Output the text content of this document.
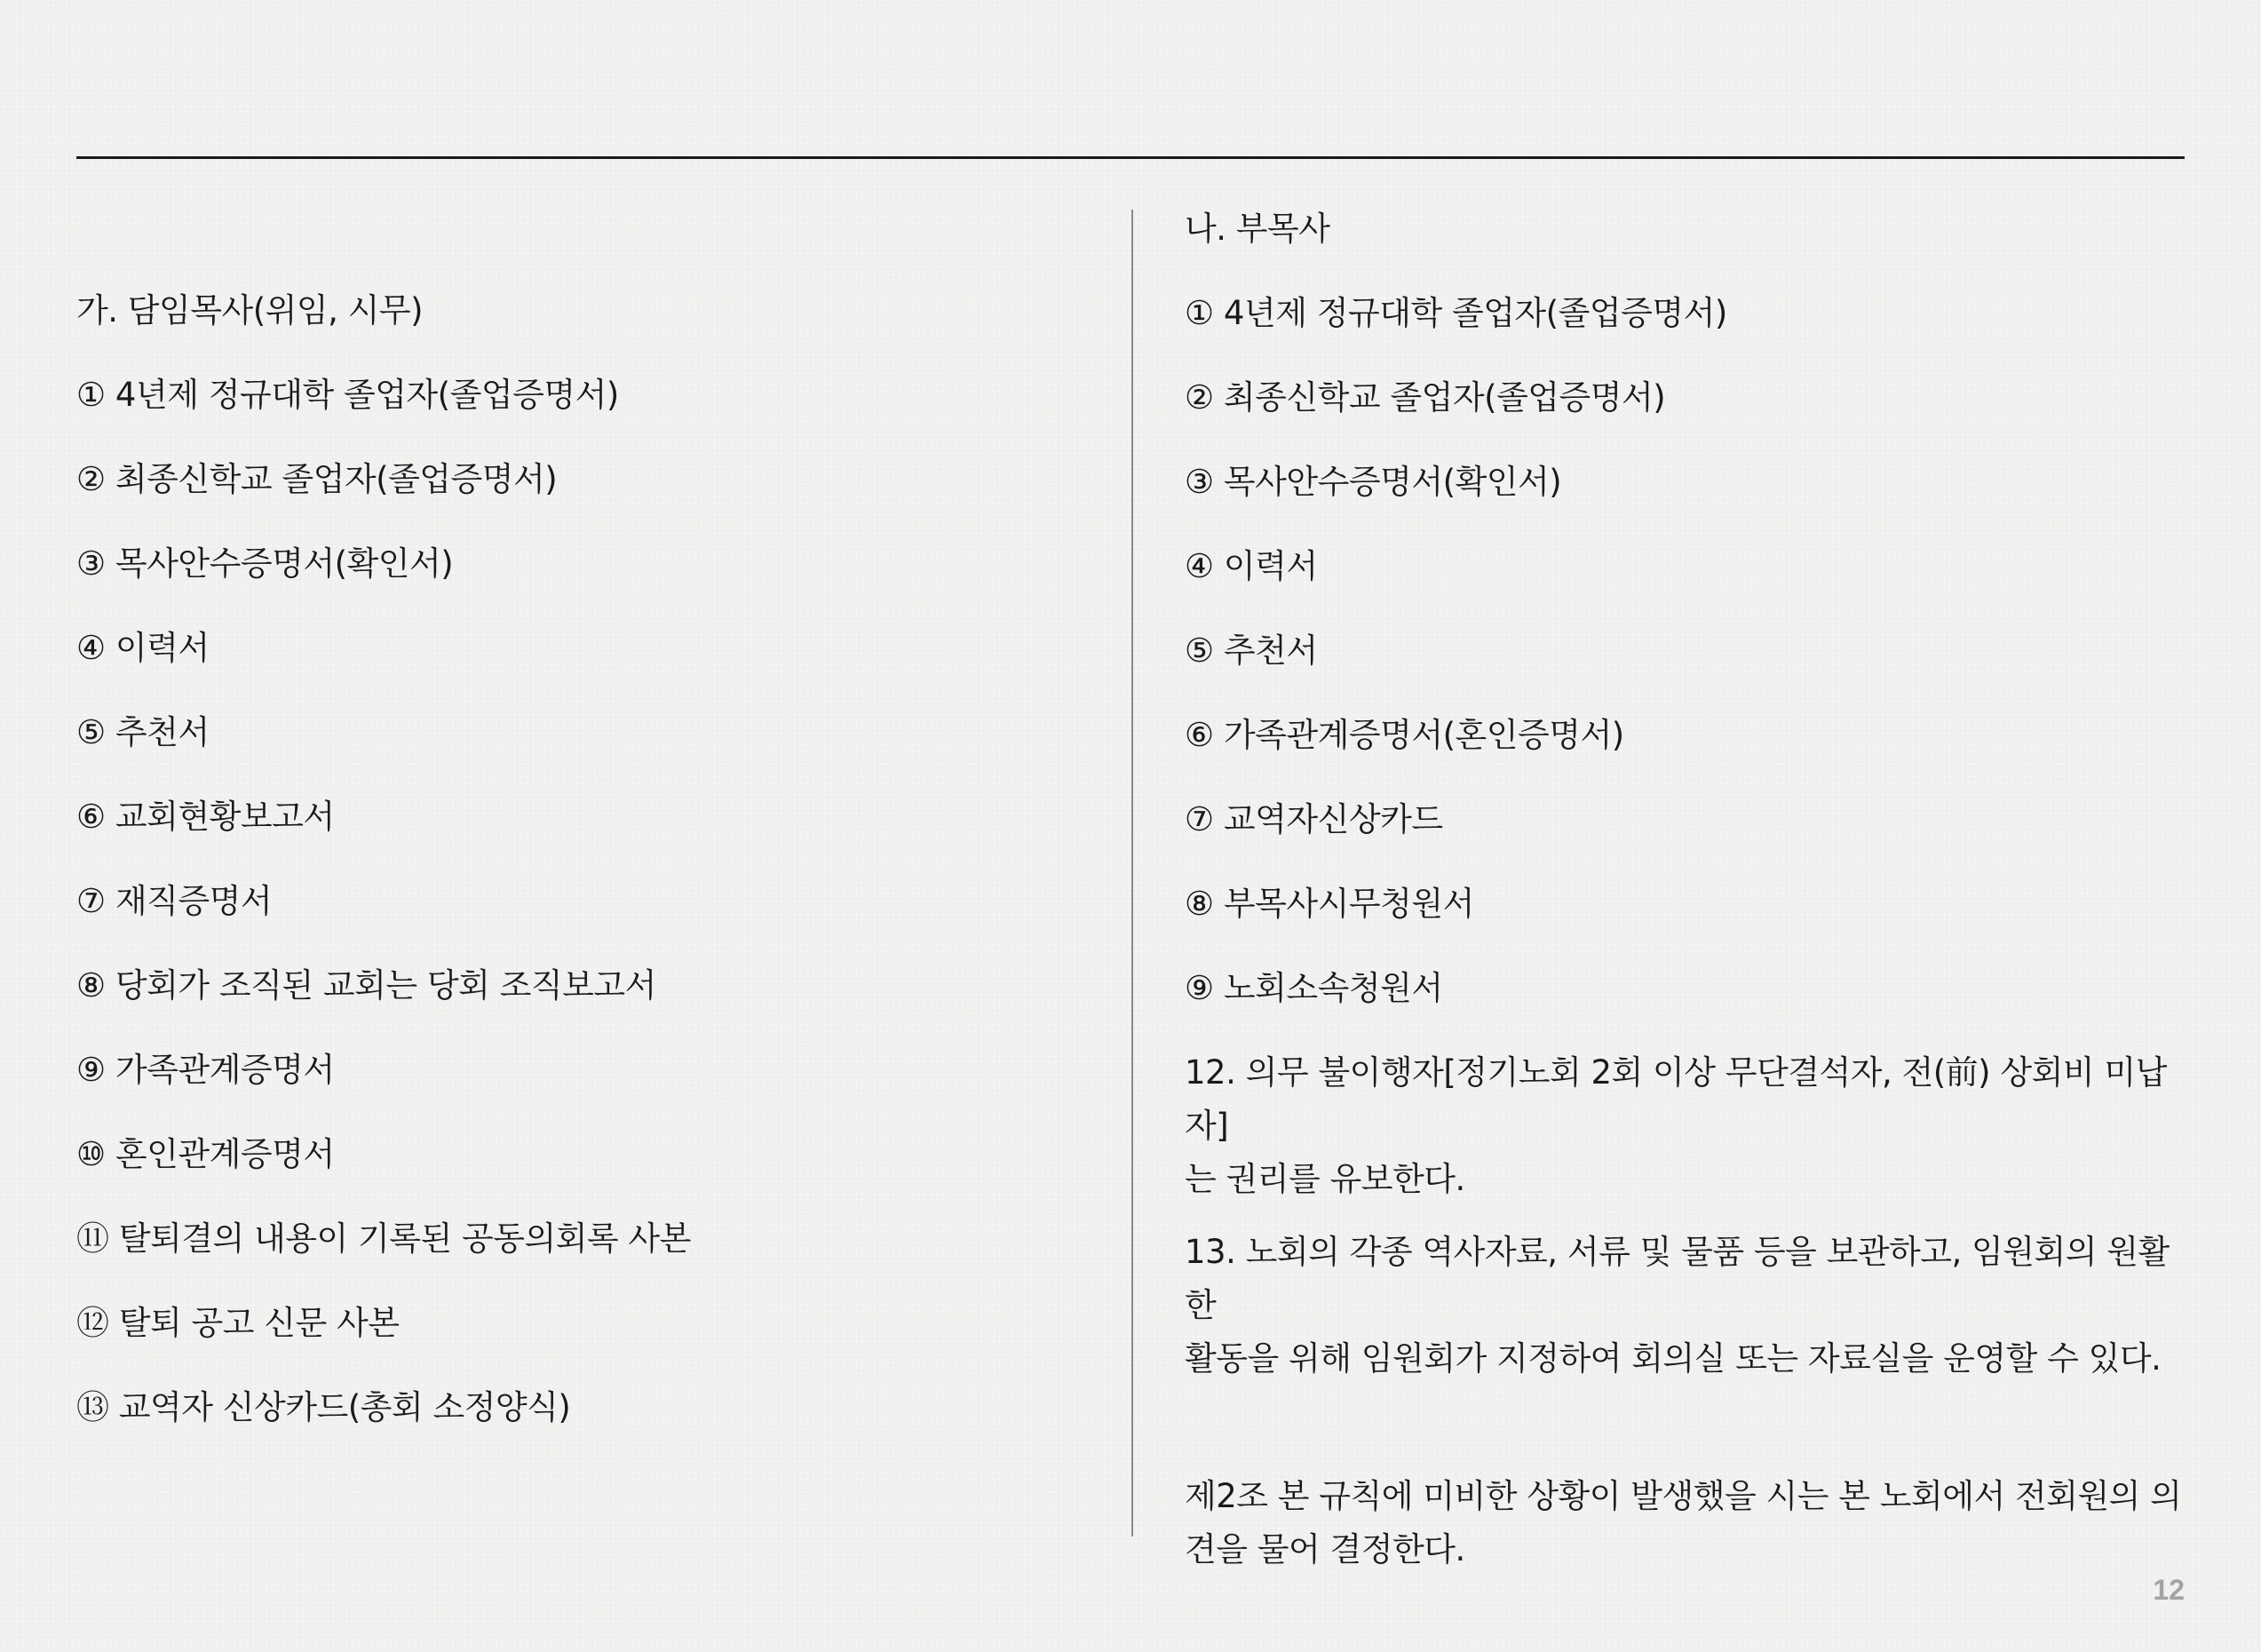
가. 담임목사(위임, 시무)
① 4년제 정규대학 졸업자(졸업증명서)
② 최종신학교 졸업자(졸업증명서)
③ 목사안수증명서(확인서)
④ 이력서
⑤ 추천서
⑥ 교회현황보고서
⑦ 재직증명서
⑧ 당회가 조직된 교회는 당회 조직보고서
⑨ 가족관계증명서
⑩ 혼인관계증명서
⑪ 탈퇴결의 내용이 기록된 공동의회록 사본
⑫ 탈퇴 공고 신문 사본
⑬ 교역자 신상카드(총회 소정양식)
나. 부목사
① 4년제 정규대학 졸업자(졸업증명서)
② 최종신학교 졸업자(졸업증명서)
③ 목사안수증명서(확인서)
④ 이력서
⑤ 추천서
⑥ 가족관계증명서(혼인증명서)
⑦ 교역자신상카드
⑧ 부목사시무청원서
⑨ 노회소속청원서
12. 의무 불이행자[정기노회 2회 이상 무단결석자, 전(前) 상회비 미납자]
는 권리를 유보한다.
13. 노회의 각종 역사자료, 서류 및 물품 등을 보관하고, 임원회의 원활한
활동을 위해 임원회가 지정하여 회의실 또는 자료실을 운영할 수 있다.
제2조 본 규칙에 미비한 상황이 발생했을 시는 본 노회에서 전회원의 의
견을 물어 결정한다.
12
